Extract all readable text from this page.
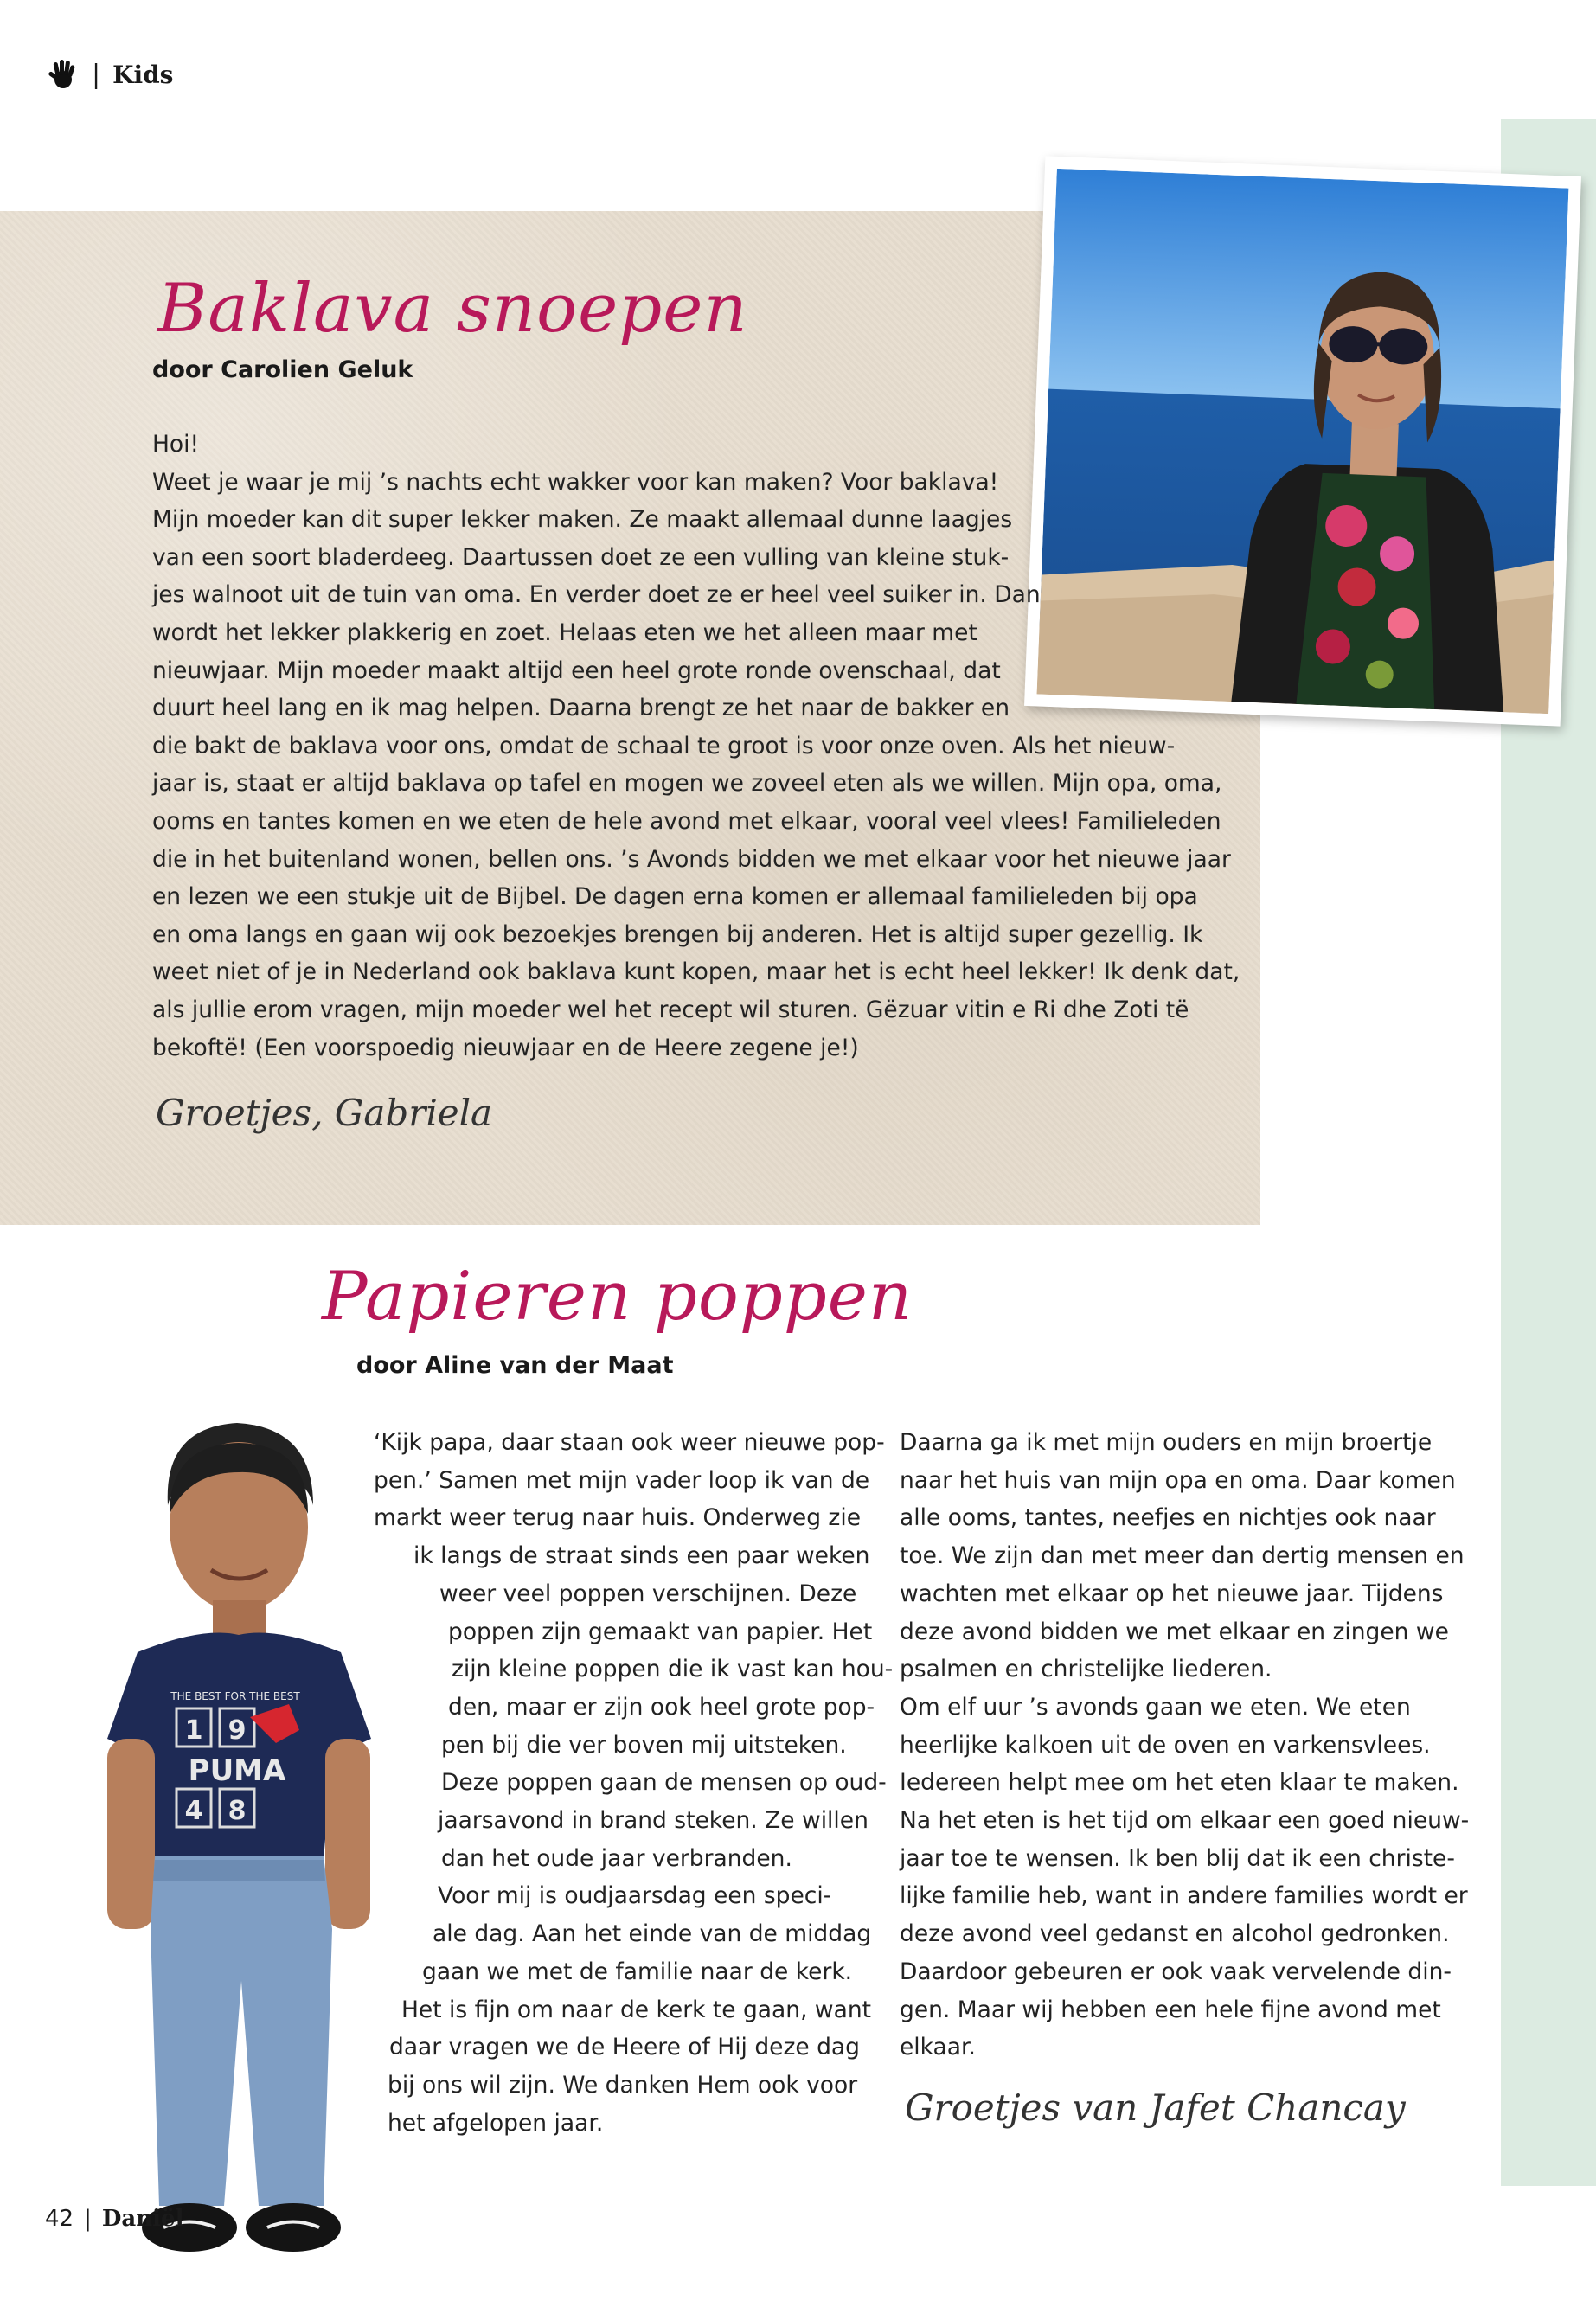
| Kids
Baklava snoepen
door Carolien Geluk

Hoi!

Weet je waar je mij ’s nachts echt wakker voor kan maken? Voor baklava!

Mijn moeder kan dit super lekker maken. Ze maakt allemaal dunne laagjes

van een soort bladerdeeg. Daartussen doet ze een vulling van kleine stuk-

jes walnoot uit de tuin van oma. En verder doet ze er heel veel suiker in. Dan

wordt het lekker plakkerig en zoet. Helaas eten we het alleen maar met

nieuwjaar. Mijn moeder maakt altijd een heel grote ronde ovenschaal, dat

duurt heel lang en ik mag helpen. Daarna brengt ze het naar de bakker en

die bakt de baklava voor ons, omdat de schaal te groot is voor onze oven. Als het nieuw-

jaar is, staat er altijd baklava op tafel en mogen we zoveel eten als we willen. Mijn opa, oma,

ooms en tantes komen en we eten de hele avond met elkaar, vooral veel vlees! Familieleden

die in het buitenland wonen, bellen ons. ’s Avonds bidden we met elkaar voor het nieuwe jaar

en lezen we een stukje uit de Bijbel. De dagen erna komen er allemaal familieleden bij opa

en oma langs en gaan wij ook bezoekjes brengen bij anderen. Het is altijd super gezellig. Ik

weet niet of je in Nederland ook baklava kunt kopen, maar het is echt heel lekker! Ik denk dat,

als jullie erom vragen, mijn moeder wel het recept wil sturen. Gëzuar vitin e Ri dhe Zoti të

bekoftë! (Een voorspoedig nieuwjaar en de Heere zegene je!)

Groetjes, Gabriela
Papieren poppen
door Aline van der Maat
THE BEST FOR THE BEST
1 9
PUMA
4 8

‘Kijk papa, daar staan ook weer nieuwe pop-

pen.’ Samen met mijn vader loop ik van de

markt weer terug naar huis. Onderweg zie

ik langs de straat sinds een paar weken

weer veel poppen verschijnen. Deze

poppen zijn gemaakt van papier. Het

zijn kleine poppen die ik vast kan hou-

den, maar er zijn ook heel grote pop-

pen bij die ver boven mij uitsteken.

Deze poppen gaan de mensen op oud-

jaarsavond in brand steken. Ze willen

dan het oude jaar verbranden.

Voor mij is oudjaarsdag een speci-

ale dag. Aan het einde van de middag

gaan we met de familie naar de kerk.

Het is fijn om naar de kerk te gaan, want

daar vragen we de Heere of Hij deze dag

bij ons wil zijn. We danken Hem ook voor

het afgelopen jaar.

Daarna ga ik met mijn ouders en mijn broertje

naar het huis van mijn opa en oma. Daar komen

alle ooms, tantes, neefjes en nichtjes ook naar

toe. We zijn dan met meer dan dertig mensen en

wachten met elkaar op het nieuwe jaar. Tijdens

deze avond bidden we met elkaar en zingen we

psalmen en christelijke liederen.

Om elf uur ’s avonds gaan we eten. We eten

heerlijke kalkoen uit de oven en varkensvlees.

Iedereen helpt mee om het eten klaar te maken.

Na het eten is het tijd om elkaar een goed nieuw-

jaar toe te wensen. Ik ben blij dat ik een christe-

lijke familie heb, want in andere families wordt er

deze avond veel gedanst en alcohol gedronken.

Daardoor gebeuren er ook vaak vervelende din-

gen. Maar wij hebben een hele fijne avond met

elkaar.

Groetjes van Jafet Chancay
42 | Daniël
